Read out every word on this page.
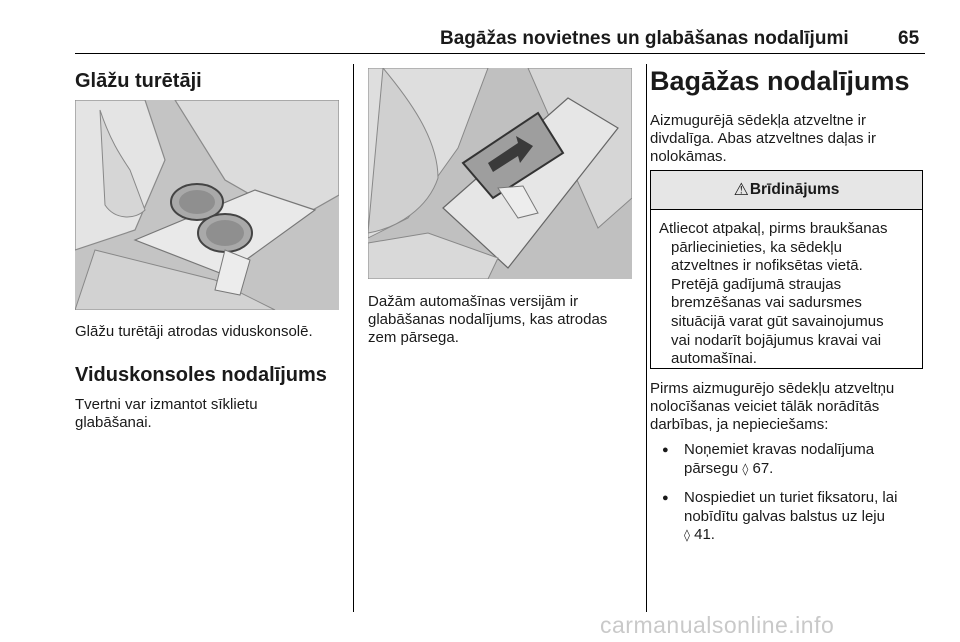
Bagāžas novietnes un glabāšanas nodalījumi	65
Glāžu turētāji
Glāžu turētāji atrodas viduskonsolē.
Viduskonsoles nodalījums
Tvertni var izmantot sīklietu
glabāšanai.
Dažām automašīnas versijām ir
glabāšanas nodalījums, kas atrodas
zem pārsega.
Bagāžas nodalījums
Aizmugurējā sēdekļa atzveltne ir
divdalīga. Abas atzveltnes daļas ir
nolokāmas.
⚠ Brīdinājums
Atliecot atpakaļ, pirms braukšanas
pārliecinieties, ka sēdekļu
atzveltnes ir nofiksētas vietā.
Pretējā gadījumā straujas
bremzēšanas vai sadursmes
situācijā varat gūt savainojumus
vai nodarīt bojājumus kravai vai
automašīnai.
Pirms aizmugurējo sēdekļu atzveltņu
nolocīšanas veiciet tālāk norādītās
darbības, ja nepieciešams:
● Noņemiet kravas nodalījuma
pārsegu ◊ 67.
● Nospiediet un turiet fiksatoru, lai
nobīdītu galvas balstus uz leju
◊ 41.
carmanualsonline.info
